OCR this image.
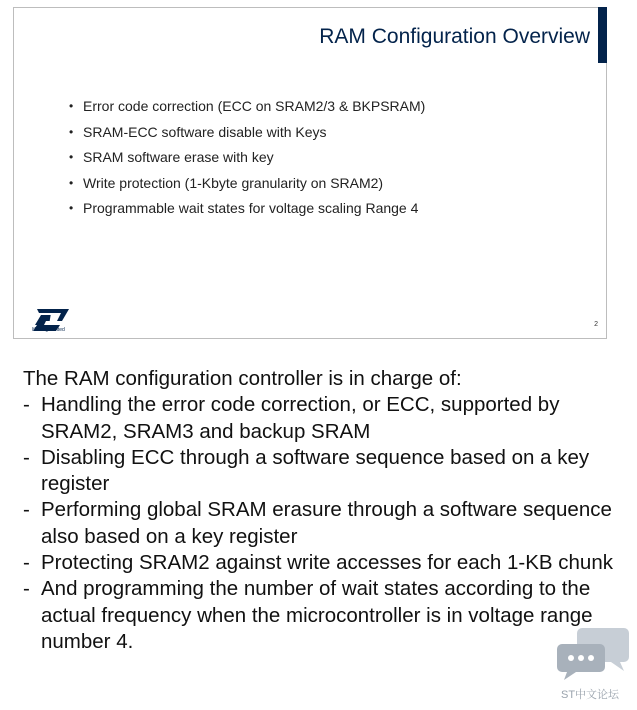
RAM Configuration Overview
• Error code correction (ECC on SRAM2/3 & BKPSRAM)
• SRAM-ECC software disable with Keys
• SRAM software erase with key
• Write protection (1-Kbyte granularity on SRAM2)
• Programmable wait states for voltage scaling Range 4
life.augmented
2
The RAM configuration controller is in charge of:
- Handling the error code correction, or ECC, supported by SRAM2, SRAM3 and backup SRAM
- Disabling ECC through a software sequence based on a key register
- Performing global SRAM erasure through a software sequence also based on a key register
- Protecting SRAM2 against write accesses for each 1-KB chunk
- And programming the number of wait states according to the actual frequency when the microcontroller is in voltage range number 4.
ST中文论坛
